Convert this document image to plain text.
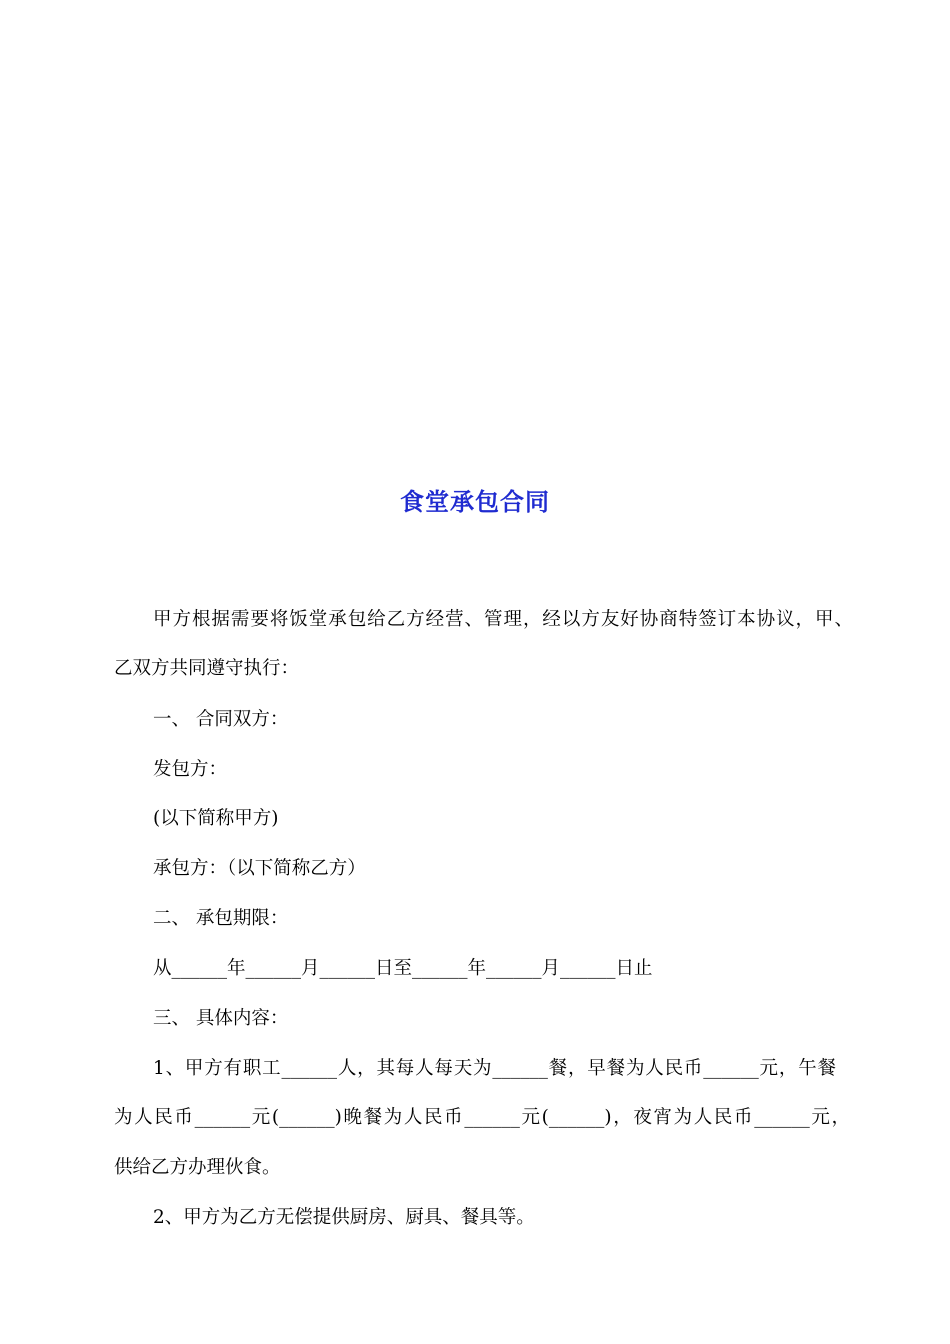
食堂承包合同
甲方根据需要将饭堂承包给乙方经营、管理，经以方友好协商特签订本协议，甲、
乙双方共同遵守执行：
一、 合同双方：
发包方：
(以下简称甲方)
承包方：（以下简称乙方）
二、 承包期限：
从______年______月______日至______年______月______日止
三、 具体内容：
1、甲方有职工______人，其每人每天为______餐，早餐为人民币______元，午餐
为人民币______元(______)晚餐为人民币______元(______)，夜宵为人民币______元，
供给乙方办理伙食。
2、甲方为乙方无偿提供厨房、厨具、餐具等。
